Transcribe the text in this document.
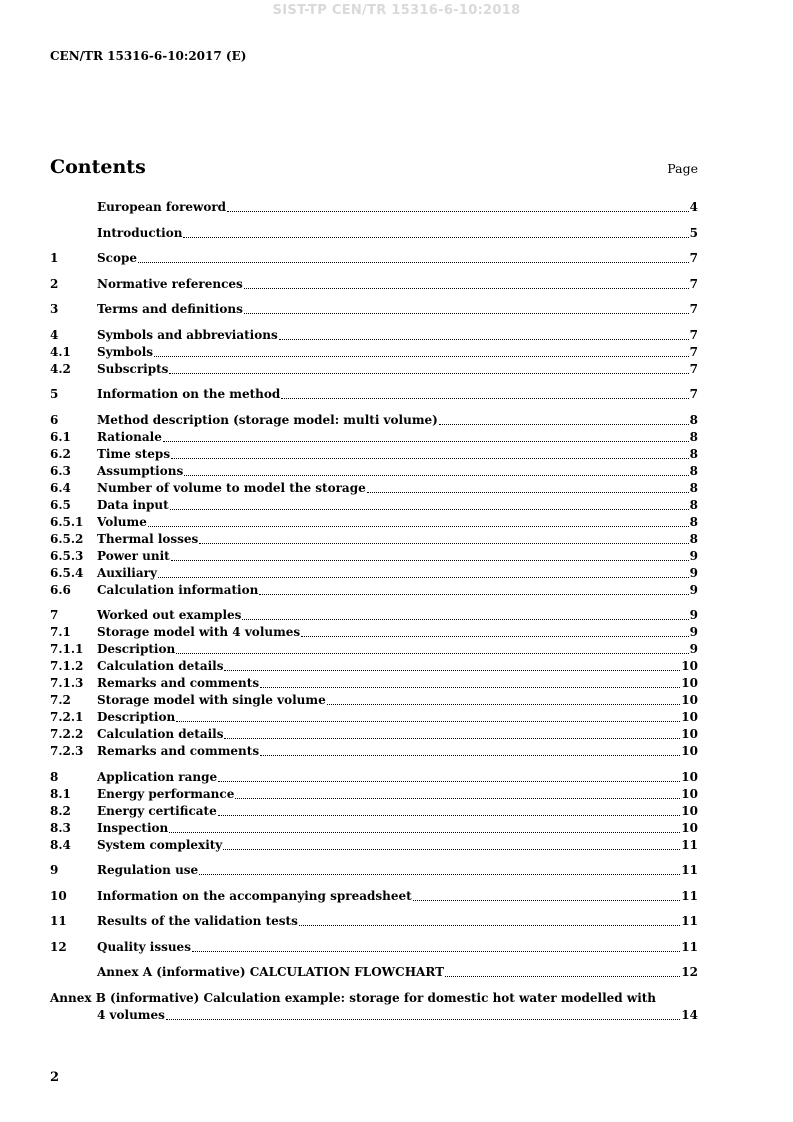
SIST-TP CEN/TR 15316-6-10:2018
CEN/TR 15316-6-10:2017 (E)
Contents	Page
European foreword	4
Introduction	5
1	Scope	7
2	Normative references	7
3	Terms and definitions	7
4	Symbols and abbreviations	7
4.1	Symbols	7
4.2	Subscripts	7
5	Information on the method	7
6	Method description (storage model: multi volume)	8
6.1	Rationale	8
6.2	Time steps	8
6.3	Assumptions	8
6.4	Number of volume to model the storage	8
6.5	Data input	8
6.5.1	Volume	8
6.5.2	Thermal losses	8
6.5.3	Power unit	9
6.5.4	Auxiliary	9
6.6	Calculation information	9
7	Worked out examples	9
7.1	Storage model with 4 volumes	9
7.1.1	Description	9
7.1.2	Calculation details	10
7.1.3	Remarks and comments	10
7.2	Storage model with single volume	10
7.2.1	Description	10
7.2.2	Calculation details	10
7.2.3	Remarks and comments	10
8	Application range	10
8.1	Energy performance	10
8.2	Energy certificate	10
8.3	Inspection	10
8.4	System complexity	11
9	Regulation use	11
10	Information on the accompanying spreadsheet	11
11	Results of the validation tests	11
12	Quality issues	11
Annex A (informative) CALCULATION FLOWCHART	12
Annex B (informative) Calculation example: storage for domestic hot water modelled with
4 volumes	14
2
